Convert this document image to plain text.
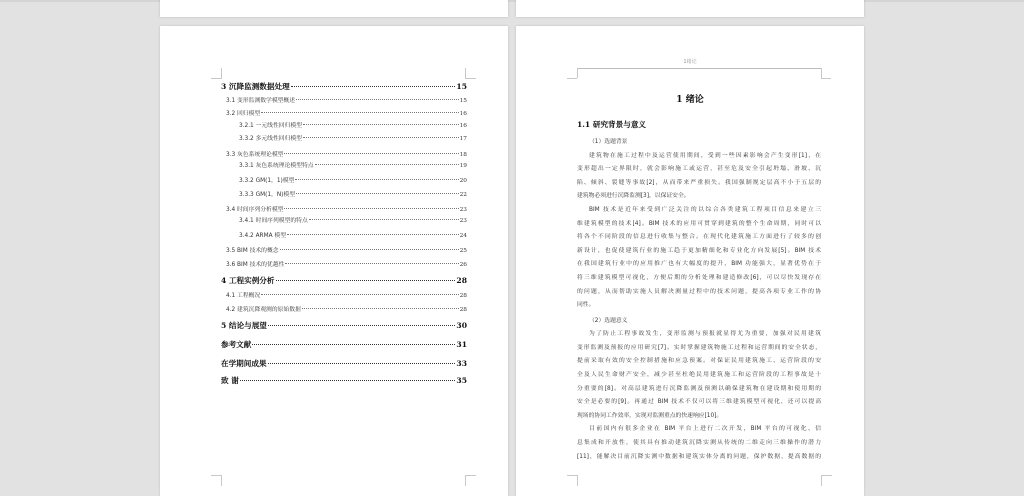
3 沉降监测数据处理	15
3.1 变形监测数学模型概述	15
3.2 回归模型	16
3.2.1 一元线性回归模型	16
3.3.2 多元线性回归模型	17
3.3 灰色系统理论模型	18
3.3.1 灰色系统理论模型特点	19
3.3.2 GM(1，1)模型	20
3.3.3 GM(1，N)模型	22
3.4 时间序列分析模型	23
3.4.1 时间序列模型的特点	23
3.4.2 ARMA 模型	24
3.5 BIM 技术的概念	25
3.6 BIM 技术的优越性	26
4 工程实例分析	28
4.1 工程概况	28
4.2 建筑沉降观测的原始数据	28
5 结论与展望	30
参考文献	31
在学期间成果	33
致 谢	35
1绪论
1 绪论
1.1 研究背景与意义
（1）选题背景
建筑物在施工过程中及运营使用期间，受到一些因素影响会产生变形[1]，在
变形超出一定界限时，就会影响施工或运营，甚至危及安全引起坍塌、滑坡、沉
陷、倾斜、裂缝等事故[2]，从而带来严重损失。我国强制规定层高不小于五层的
建筑物必须进行沉降监测[3]，以保证安全。
BIM 技术是近年来受到广泛关注的以综合各类建筑工程项目信息来建立三
维建筑模型的技术[4]。BIM 技术的应用可贯穿到建筑的整个生命周期，同时可以
将各个不同阶段的信息进行收集与整合。在现代化建筑施工方面进行了较多的创
新设计，也促使建筑行业的施工趋于更加精细化和专业化方向发展[5]。BIM 技术
在我国建筑行业中的应用推广也有大幅度的提升，BIM 功能强大，显著优势在于
将三维建筑模型可视化，方便后期的分析处理和建造修改[6]，可以尽快发现存在
的问题，从而帮助实施人员解决测量过程中的技术问题，提高各项专业工作的协
同性。
（2）选题意义
为了防止工程事故发生，变形监测与预报就显得尤为重要，加强对民用建筑
变形监测及预报的应用研究[7]。实时掌握建筑物施工过程和运营期间的安全状态，
提前采取有效的安全控制措施和应急预案。对保证民用建筑施工、运营阶段的安
全及人民生命财产安全，减少甚至杜绝民用建筑施工和运营阶段的工程事故是十
分重要的[8]。对高层建筑进行沉降监测及预测以确保建筑物在建设期和使用期的
安全是必要的[9]。再通过 BIM 技术不仅可以将三维建筑模型可视化，还可以提高
现场的协同工作效率，实现对监测重点的快速响应[10]。
目前国内有很多企业在 BIM 平台上进行二次开发，BIM 平台的可视化、信
息集成和开放性，使其具有推动建筑沉降实测从传统的二维走向三维操作的潜力
[11]，能解决目前沉降实测中数据和建筑实体分离的问题，保护数据，提高数据的
